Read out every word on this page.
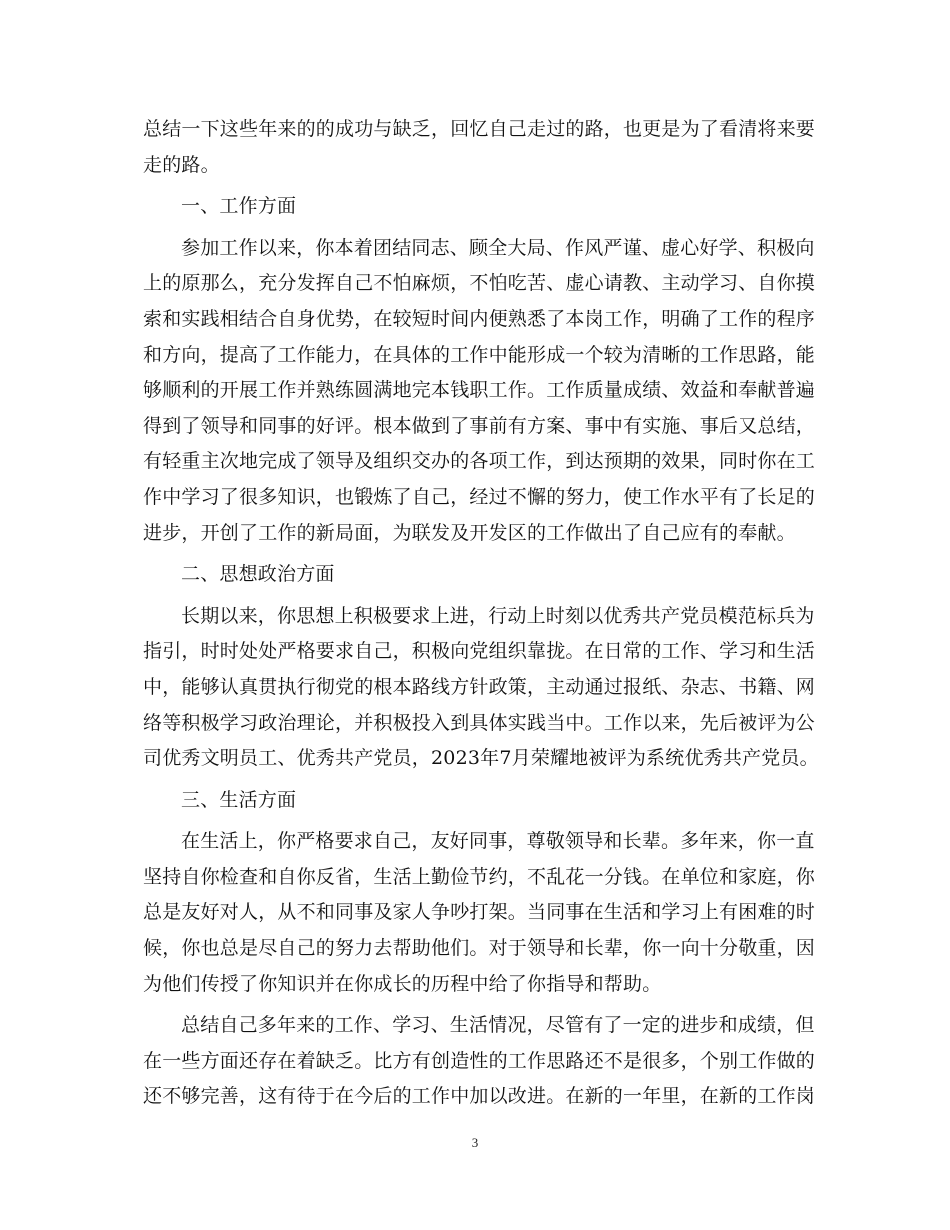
总结一下这些年来的的成功与缺乏，回忆自己走过的路，也更是为了看清将来要
走的路。
一、工作方面
参加工作以来，你本着团结同志、顾全大局、作风严谨、虚心好学、积极向
上的原那么，充分发挥自己不怕麻烦，不怕吃苦、虚心请教、主动学习、自你摸
索和实践相结合自身优势，在较短时间内便熟悉了本岗工作，明确了工作的程序
和方向，提高了工作能力，在具体的工作中能形成一个较为清晰的工作思路，能
够顺利的开展工作并熟练圆满地完本钱职工作。工作质量成绩、效益和奉献普遍
得到了领导和同事的好评。根本做到了事前有方案、事中有实施、事后又总结，
有轻重主次地完成了领导及组织交办的各项工作，到达预期的效果，同时你在工
作中学习了很多知识，也锻炼了自己，经过不懈的努力，使工作水平有了长足的
进步，开创了工作的新局面，为联发及开发区的工作做出了自己应有的奉献。
二、思想政治方面
长期以来，你思想上积极要求上进，行动上时刻以优秀共产党员模范标兵为
指引，时时处处严格要求自己，积极向党组织靠拢。在日常的工作、学习和生活
中，能够认真贯执行彻党的根本路线方针政策，主动通过报纸、杂志、书籍、网
络等积极学习政治理论，并积极投入到具体实践当中。工作以来，先后被评为公
司优秀文明员工、优秀共产党员，2023年7月荣耀地被评为系统优秀共产党员。
三、生活方面
在生活上，你严格要求自己，友好同事，尊敬领导和长辈。多年来，你一直
坚持自你检查和自你反省，生活上勤俭节约，不乱花一分钱。在单位和家庭，你
总是友好对人，从不和同事及家人争吵打架。当同事在生活和学习上有困难的时
候，你也总是尽自己的努力去帮助他们。对于领导和长辈，你一向十分敬重，因
为他们传授了你知识并在你成长的历程中给了你指导和帮助。
总结自己多年来的工作、学习、生活情况，尽管有了一定的进步和成绩，但
在一些方面还存在着缺乏。比方有创造性的工作思路还不是很多，个别工作做的
还不够完善，这有待于在今后的工作中加以改进。在新的一年里，在新的工作岗
3
